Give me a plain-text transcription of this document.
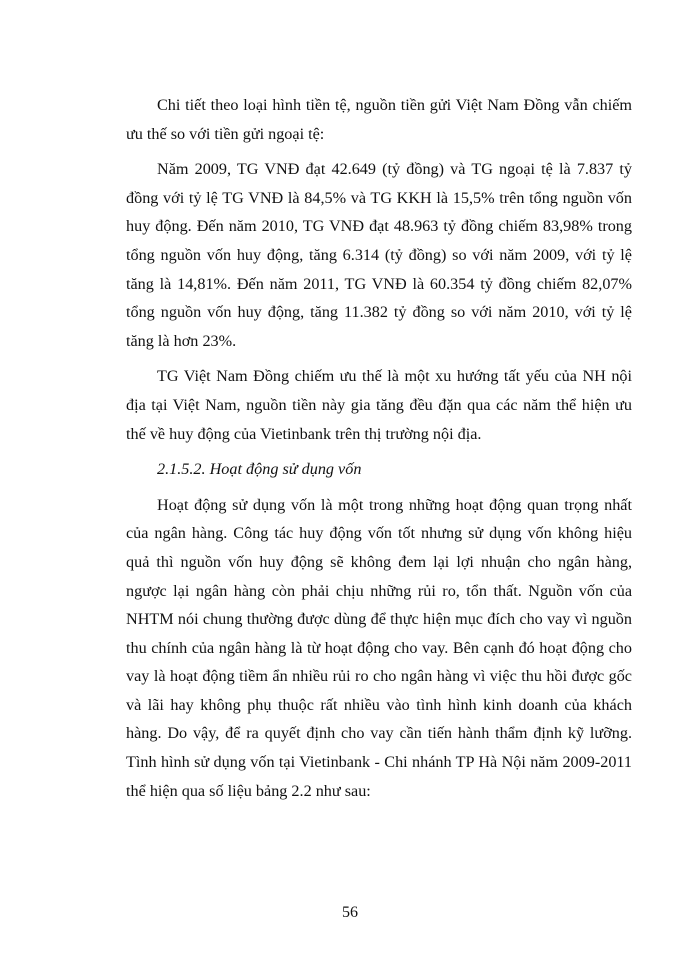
Chi tiết theo loại hình tiền tệ, nguồn tiền gửi Việt Nam Đồng vẫn chiếm ưu thế so với tiền gửi ngoại tệ:

Năm 2009, TG VNĐ đạt 42.649 (tỷ đồng) và TG ngoại tệ là 7.837 tỷ đồng với tỷ lệ TG VNĐ là 84,5% và TG KKH là 15,5% trên tổng nguồn vốn huy động. Đến năm 2010, TG VNĐ đạt 48.963 tỷ đồng chiếm 83,98% trong tổng nguồn vốn huy động, tăng 6.314 (tỷ đồng) so với năm 2009, với tỷ lệ tăng là 14,81%. Đến năm 2011, TG VNĐ là 60.354 tỷ đồng chiếm 82,07% tổng nguồn vốn huy động, tăng 11.382 tỷ đồng so với năm 2010, với tỷ lệ tăng là hơn 23%.

TG Việt Nam Đồng chiếm ưu thế là một xu hướng tất yếu của NH nội địa tại Việt Nam, nguồn tiền này gia tăng đều đặn qua các năm thể hiện ưu thế về huy động của Vietinbank trên thị trường nội địa.

2.1.5.2. Hoạt động sử dụng vốn

Hoạt động sử dụng vốn là một trong những hoạt động quan trọng nhất của ngân hàng. Công tác huy động vốn tốt nhưng sử dụng vốn không hiệu quả thì nguồn vốn huy động sẽ không đem lại lợi nhuận cho ngân hàng, ngược lại ngân hàng còn phải chịu những rủi ro, tổn thất. Nguồn vốn của NHTM nói chung thường được dùng để thực hiện mục đích cho vay vì nguồn thu chính của ngân hàng là từ hoạt động cho vay. Bên cạnh đó hoạt động cho vay là hoạt động tiềm ẩn nhiều rủi ro cho ngân hàng vì việc thu hồi được gốc và lãi hay không phụ thuộc rất nhiều vào tình hình kinh doanh của khách hàng. Do vậy, để ra quyết định cho vay cần tiến hành thẩm định kỹ lưỡng. Tình hình sử dụng vốn tại Vietinbank - Chi nhánh TP Hà Nội năm 2009-2011 thể hiện qua số liệu bảng 2.2 như sau:

56
